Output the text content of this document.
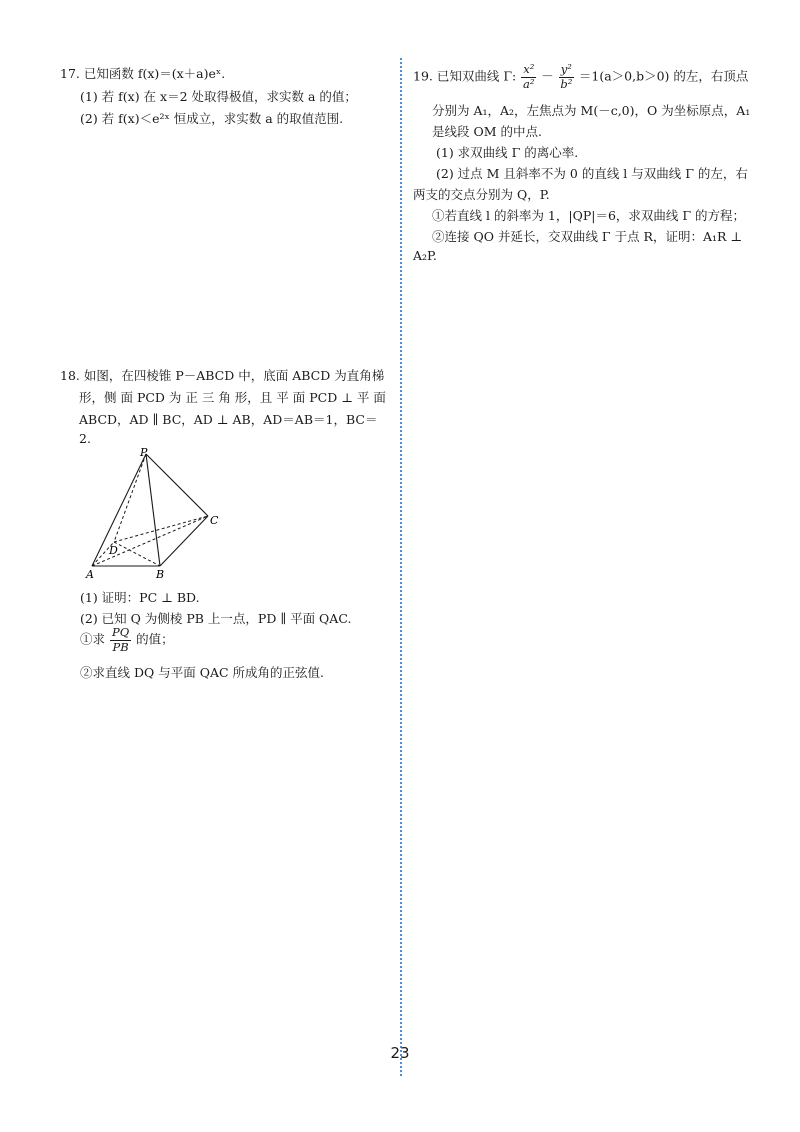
17. 已知函数 f(x)＝(x＋a)eˣ.
(1) 若 f(x) 在 x＝2 处取得极值，求实数 a 的值；
(2) 若 f(x)＜e²ˣ 恒成立，求实数 a 的取值范围.
18. 如图，在四棱锥 P－ABCD 中，底面 ABCD 为直角梯
形，侧 面 PCD 为 正 三 角 形，且 平 面 PCD ⊥ 平 面
ABCD，AD ∥ BC，AD ⊥ AB，AD＝AB＝1，BC＝
2.
P
A	B
C
D
(1) 证明：PC ⊥ BD.
(2) 已知 Q 为侧棱 PB 上一点，PD ∥ 平面 QAC.
①求 $\frac{PQ}{PB}$ 的值；
②求直线 DQ 与平面 QAC 所成角的正弦值.
19. 已知双曲线 Γ: $\frac{\text{x²}}{\text{a²}} - \frac{\text{y²}}{\text{b²}} =1(a>0,b>0)$ 的左，右顶点
分别为 A₁，A₂，左焦点为 M(－c,0)，O 为坐标原点，A₁
是线段 OM 的中点.
(1) 求双曲线 Γ 的离心率.
(2) 过点 M 且斜率不为 0 的直线 l 与双曲线 Γ 的左，右
两支的交点分别为 Q，P.
①若直线 l 的斜率为 1，|QP|＝6，求双曲线 Γ 的方程；
②连接 QO 并延长，交双曲线 Γ 于点 R，证明：A₁R ⊥
A₂P.
23
